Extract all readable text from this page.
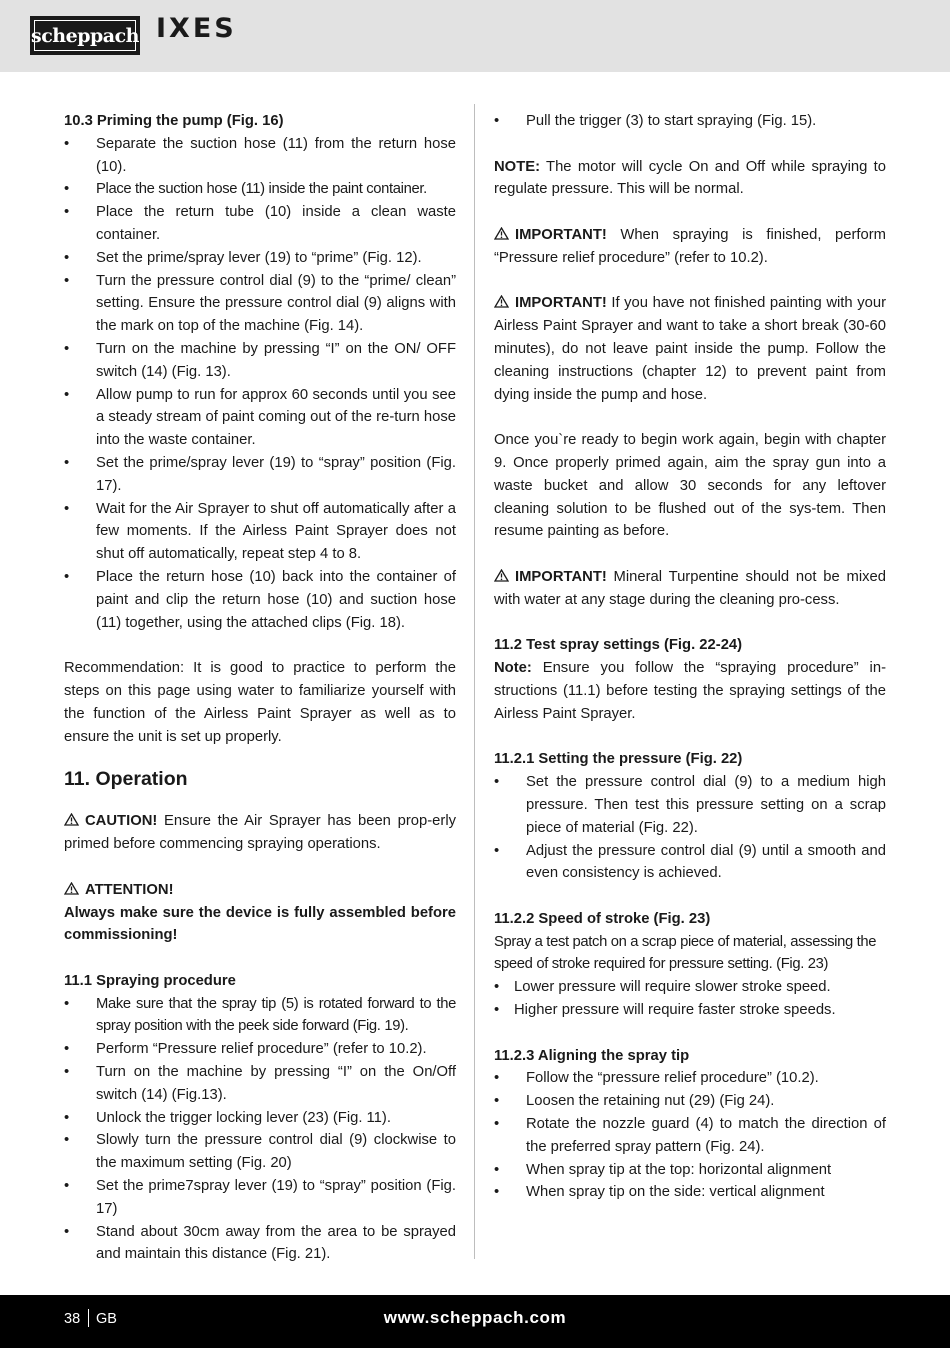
scheppach IXES
10.3 Priming the pump (Fig. 16)
• Separate the suction hose (11) from the return hose (10).
• Place the suction hose (11) inside the paint container.
• Place the return tube (10) inside a clean waste container.
• Set the prime/spray lever (19) to “prime” (Fig. 12).
• Turn the pressure control dial (9) to the “prime/ clean” setting. Ensure the pressure control dial (9) aligns with the mark on top of the machine (Fig. 14).
• Turn on the machine by pressing “I” on the ON/ OFF switch (14) (Fig. 13).
• Allow pump to run for approx 60 seconds until you see a steady stream of paint coming out of the re-turn hose into the waste container.
• Set the prime/spray lever (19) to “spray” position (Fig. 17).
• Wait for the Air Sprayer to shut off automatically after a few moments. If the Airless Paint Sprayer does not shut off automatically, repeat step 4 to 8.
• Place the return hose (10) back into the container of paint and clip the return hose (10) and suction hose (11) together, using the attached clips (Fig. 18).
Recommendation: It is good to practice to perform the steps on this page using water to familiarize yourself with the function of the Airless Paint Sprayer as well as to ensure the unit is set up properly.
11. Operation
CAUTION! Ensure the Air Sprayer has been prop-erly primed before commencing spraying operations.
ATTENTION!
Always make sure the device is fully assembled before commissioning!
11.1 Spraying procedure
• Make sure that the spray tip (5) is rotated forward to the spray position with the peek side forward (Fig. 19).
• Perform “Pressure relief procedure” (refer to 10.2).
• Turn on the machine by pressing “I” on the On/Off switch (14) (Fig.13).
• Unlock the trigger locking lever (23) (Fig. 11).
• Slowly turn the pressure control dial (9) clockwise to the maximum setting (Fig. 20)
• Set the prime7spray lever (19) to “spray” position (Fig. 17)
• Stand about 30cm away from the area to be sprayed and maintain this distance (Fig. 21).
• Pull the trigger (3) to start spraying (Fig. 15).
NOTE: The motor will cycle On and Off while spraying to regulate pressure. This will be normal.
IMPORTANT! When spraying is finished, perform “Pressure relief procedure” (refer to 10.2).
IMPORTANT! If you have not finished painting with your Airless Paint Sprayer and want to take a short break (30-60 minutes), do not leave paint inside the pump. Follow the cleaning instructions (chapter 12) to prevent paint from dying inside the pump and hose.
Once you`re ready to begin work again, begin with chapter 9. Once properly primed again, aim the spray gun into a waste bucket and allow 30 seconds for any leftover cleaning solution to be flushed out of the sys-tem. Then resume painting as before.
IMPORTANT! Mineral Turpentine should not be mixed with water at any stage during the cleaning pro-cess.
11.2 Test spray settings (Fig. 22-24)
Note: Ensure you follow the “spraying procedure” in-structions (11.1) before testing the spraying settings of the Airless Paint Sprayer.
11.2.1 Setting the pressure (Fig. 22)
• Set the pressure control dial (9) to a medium high pressure. Then test this pressure setting on a scrap piece of material (Fig. 22).
• Adjust the pressure control dial (9) until a smooth and even consistency is achieved.
11.2.2 Speed of stroke (Fig. 23)
Spray a test patch on a scrap piece of material, assessing the speed of stroke required for pressure setting. (Fig. 23)
• Lower pressure will require slower stroke speed.
• Higher pressure will require faster stroke speeds.
11.2.3 Aligning the spray tip
• Follow the “pressure relief procedure” (10.2).
• Loosen the retaining nut (29) (Fig 24).
• Rotate the nozzle guard (4) to match the direction of the preferred spray pattern (Fig. 24).
• When spray tip at the top: horizontal alignment
• When spray tip on the side: vertical alignment
38 GB	www.scheppach.com
